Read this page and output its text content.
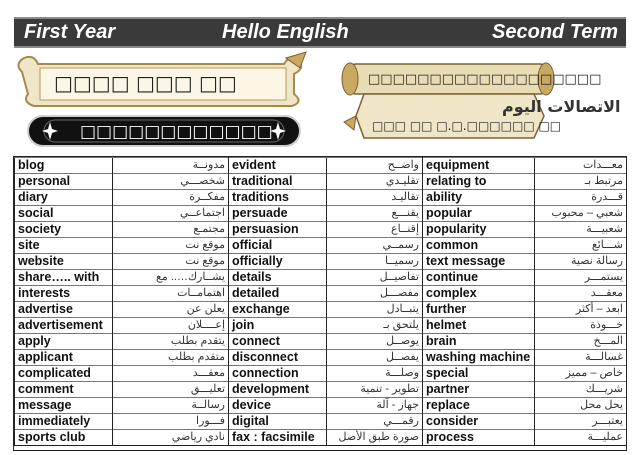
First Year	Hello English	Second Term
□□□□ □□□ □□
□□□□□□□□□□□□
□□□□□□□□□□□□□□□□□□□
الاتصالات اليوم
□□□ □□ □.□.□□□□□□ □□
blog	مدونــة	evident	واضــح	equipment	معـــدات
personal	شخصـــي	traditional	تقليـدي	relating to	مرتبط بـ
diary	مفكــرة	traditions	تقاليـد	ability	قـــدرة
social	اجتماعــي	persuade	يقنـــع	popular	شعبي – محبوب
society	مجتمـع	persuasion	إقنــاع	popularity	شعبيـــة
site	موقع نت	official	رسمــي	common	شـــائع
website	موقع نت	officially	رسميــا	text message	رسالة نصية
share….. with	يشــارك….. مع	details	تفاصيــل	continue	يستمـــر
interests	اهتمامــات	detailed	مفصـــل	complex	معقـــد
advertise	يعلن عن	exchange	يتبــادل	further	ابعد – أكثر
advertisement	إعــــلان	join	يلتحق بـ	helmet	خـــوذة
apply	يتقدم بطلب	connect	يوصــل	brain	المـــخ
applicant	متقدم بطلب	disconnect	يفصــل	washing machine	غسالـــة
complicated	معقـــد	connection	وصلـــة	special	خاص – مميز
comment	تعليـــق	development	تطوير - تنمية	partner	شريـــك
message	رسالــة	device	جهاز - آلة	replace	يحل محل
immediately	فـــورا	digital	رقمـــي	consider	يعتبـــر
sports club	نادي رياضي	fax : facsimile	صورة طبق الأصل	process	عمليـــة
